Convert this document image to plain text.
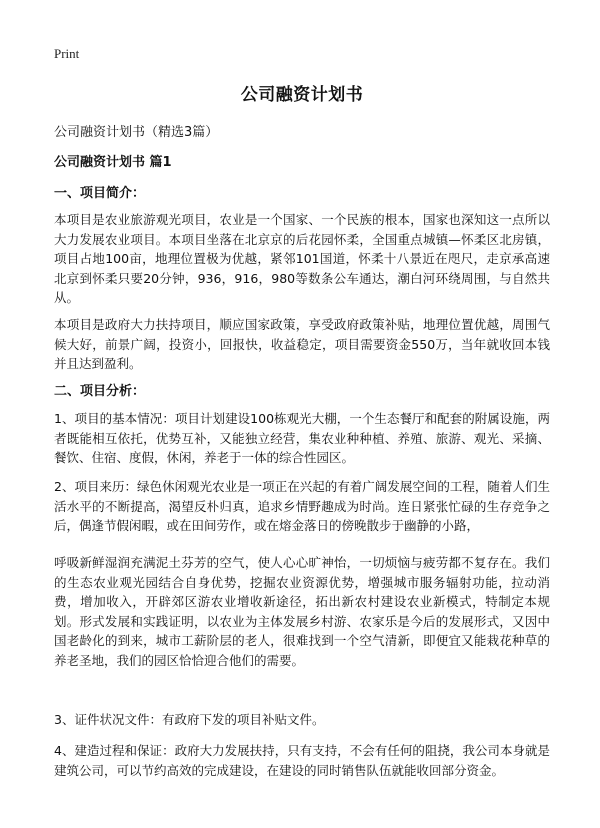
Print
公司融资计划书

公司融资计划书（精选3篇）

公司融资计划书 篇1
一、项目简介：

本项目是农业旅游观光项目，农业是一个国家、一个民族的根本，国家也深知这一点所以大力发展农业项目。本项目坐落在北京京的后花园怀柔，全国重点城镇—怀柔区北房镇，项目占地100亩，地理位置极为优越，紧邻101国道，怀柔十八景近在咫尺，走京承高速北京到怀柔只要20分钟，936，916，980等数条公车通达，潮白河环绕周围，与自然共从。

本项目是政府大力扶持项目，顺应国家政策，享受政府政策补贴，地理位置优越，周围气候大好，前景广阔，投资小，回报快，收益稳定，项目需要资金550万，当年就收回本钱并且达到盈利。

二、项目分析：

1、项目的基本情况：项目计划建设100栋观光大棚，一个生态餐厅和配套的附属设施，两者既能相互依托，优势互补，又能独立经营，集农业种种植、养殖、旅游、观光、采摘、餐饮、住宿、度假，休闲，养老于一体的综合性园区。

2、项目来历：绿色休闲观光农业是一项正在兴起的有着广阔发展空间的工程，随着人们生活水平的不断提高，渴望反朴归真，追求乡情野趣成为时尚。连日紧张忙碌的生存竞争之后，偶逢节假闲暇，或在田间劳作，或在熔金落日的傍晚散步于幽静的小路，

呼吸新鲜湿润充满泥土芬芳的空气，使人心心旷神怡，一切烦恼与疲劳都不复存在。我们的生态农业观光园结合自身优势，挖掘农业资源优势，增强城市服务辐射功能，拉动消费，增加收入，开辟郊区游农业增收新途径，拓出新农村建设农业新模式，特制定本规划。形式发展和实践证明，以农业为主体发展乡村游、农家乐是今后的发展形式，又因中国老龄化的到来，城市工薪阶层的老人，很难找到一个空气清新，即便宜又能栽花种草的养老圣地，我们的园区恰恰迎合他们的需要。

3、证件状况文件：有政府下发的项目补贴文件。

4、建造过程和保证：政府大力发展扶持，只有支持，不会有任何的阻挠，我公司本身就是建筑公司，可以节约高效的完成建设，在建设的同时销售队伍就能收回部分资金。
